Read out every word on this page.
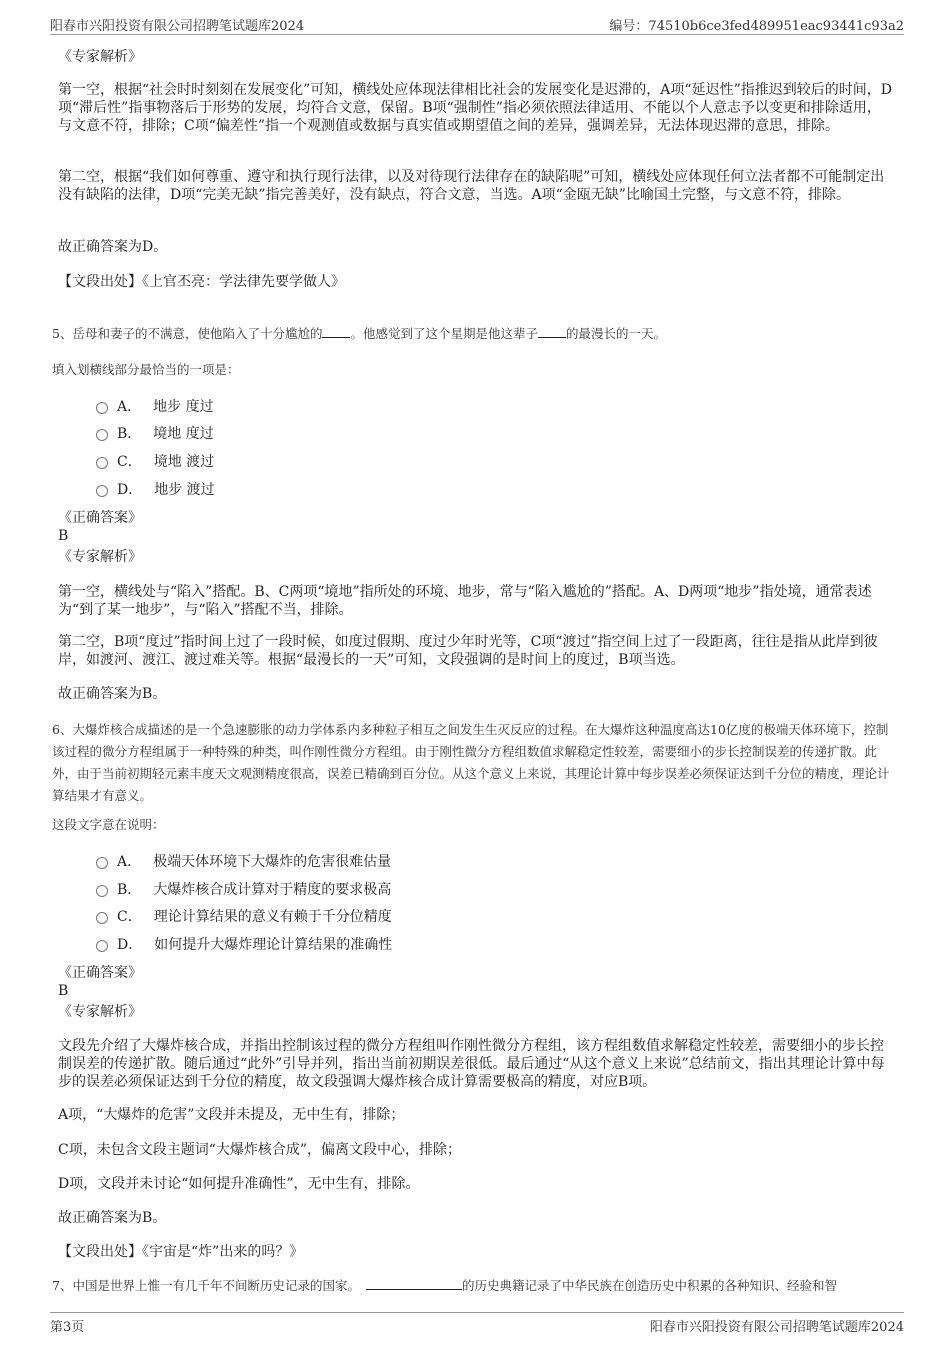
阳春市兴阳投资有限公司招聘笔试题库2024	编号：74510b6ce3fed489951eac93441c93a2
《专家解析》
第一空，根据“社会时时刻刻在发展变化”可知，横线处应体现法律相比社会的发展变化是迟滞的，A项“延迟性”指推迟到较后的时间，D项“滞后性”指事物落后于形势的发展，均符合文意，保留。B项“强制性”指必须依照法律适用、不能以个人意志予以变更和排除适用，与文意不符，排除；C项“偏差性”指一个观测值或数据与真实值或期望值之间的差异，强调差异，无法体现迟滞的意思，排除。
第二空，根据“我们如何尊重、遵守和执行现行法律，以及对待现行法律存在的缺陷呢”可知，横线处应体现任何立法者都不可能制定出没有缺陷的法律，D项“完美无缺”指完善美好，没有缺点，符合文意，当选。A项“金瓯无缺”比喻国土完整，与文意不符，排除。
故正确答案为D。
【文段出处】《上官丕亮：学法律先要学做人》
5、岳母和妻子的不满意，使他陷入了十分尴尬的 。他感觉到了这个星期是他这辈子 的最漫长的一天。
填入划横线部分最恰当的一项是：
A． 地步 度过
B． 境地 度过
C． 境地 渡过
D． 地步 渡过
《正确答案》
B
《专家解析》
第一空，横线处与“陷入”搭配。B、C两项“境地”指所处的环境、地步，常与“陷入尴尬的”搭配。A、D两项“地步”指处境，通常表述为“到了某一地步”，与“陷入”搭配不当，排除。
第二空，B项“度过”指时间上过了一段时候，如度过假期、度过少年时光等，C项“渡过”指空间上过了一段距离，往往是指从此岸到彼岸，如渡河、渡江、渡过难关等。根据“最漫长的一天”可知，文段强调的是时间上的度过，B项当选。
故正确答案为B。
6、大爆炸核合成描述的是一个急速膨胀的动力学体系内多种粒子相互之间发生生灭反应的过程。在大爆炸这种温度高达10亿度的极端天体环境下，控制该过程的微分方程组属于一种特殊的种类，叫作刚性微分方程组。由于刚性微分方程组数值求解稳定性较差，需要细小的步长控制误差的传递扩散。此外，由于当前初期轻元素丰度天文观测精度很高，误差已精确到百分位。从这个意义上来说，其理论计算中每步误差必须保证达到千分位的精度，理论计算结果才有意义。
这段文字意在说明：
A． 极端天体环境下大爆炸的危害很难估量
B． 大爆炸核合成计算对于精度的要求极高
C． 理论计算结果的意义有赖于千分位精度
D． 如何提升大爆炸理论计算结果的准确性
《正确答案》
B
《专家解析》
文段先介绍了大爆炸核合成，并指出控制该过程的微分方程组叫作刚性微分方程组，该方程组数值求解稳定性较差，需要细小的步长控制误差的传递扩散。随后通过“此外”引导并列，指出当前初期误差很低。最后通过“从这个意义上来说”总结前文，指出其理论计算中每步的误差必须保证达到千分位的精度，故文段强调大爆炸核合成计算需要极高的精度，对应B项。
A项，“大爆炸的危害”文段并未提及，无中生有，排除；
C项，未包含文段主题词“大爆炸核合成”，偏离文段中心，排除；
D项，文段并未讨论“如何提升准确性”，无中生有，排除。
故正确答案为B。
【文段出处】《宇宙是“炸”出来的吗？》
7、中国是世界上惟一有几千年不间断历史记录的国家。	的历史典籍记录了中华民族在创造历史中积累的各种知识、经验和智
第3页	阳春市兴阳投资有限公司招聘笔试题库2024
